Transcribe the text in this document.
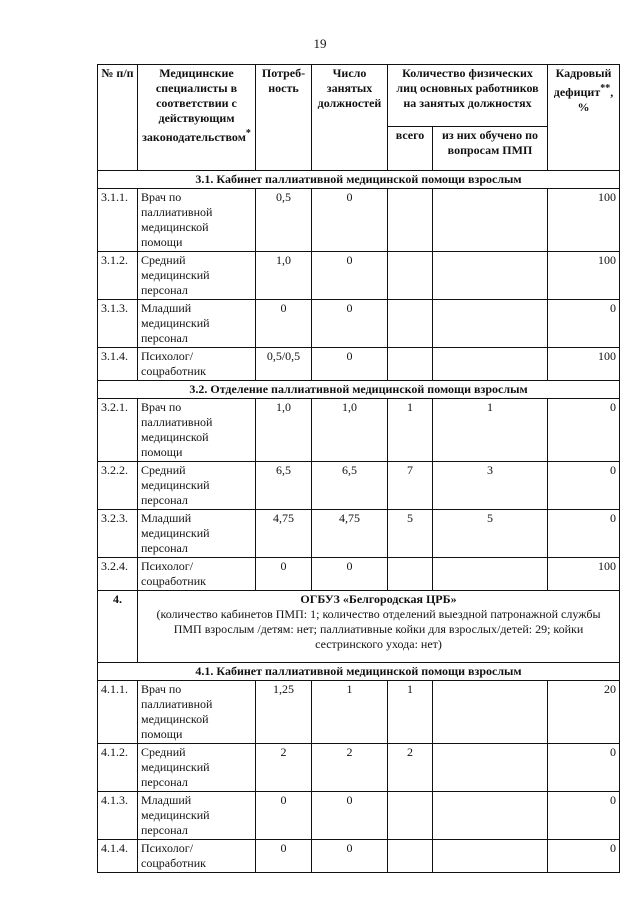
19
№ п/п	Медицинские специалисты в соответствии с действующим законодательством*	Потреб-ность	Число занятых должностей	Количество физических лиц основных работников на занятых должностях		Кадровый дефицит**, %
				всего	из них обучено по вопросам ПМП	
3.1. Кабинет паллиативной медицинской помощи взрослым						
3.1.1.	Врач по паллиативной медицинской помощи	0,5	0			100
3.1.2.	Средний медицинский персонал	1,0	0			100
3.1.3.	Младший медицинский персонал	0	0			0
3.1.4.	Психолог/ соцработник	0,5/0,5	0			100
3.2. Отделение паллиативной медицинской помощи взрослым						
3.2.1.	Врач по паллиативной медицинской помощи	1,0	1,0	1	1	0
3.2.2.	Средний медицинский персонал	6,5	6,5	7	3	0
3.2.3.	Младший медицинский персонал	4,75	4,75	5	5	0
3.2.4.	Психолог/ соцработник	0	0			100
4.	ОГБУЗ «Белгородская ЦРБ»
(количество кабинетов ПМП: 1; количество отделений выездной патронажной службы ПМП взрослым /детям: нет; паллиативные койки для взрослых/детей: 29; койки сестринского ухода: нет)					

4.1. Кабинет паллиативной медицинской помощи взрослым						
4.1.1.	Врач по паллиативной медицинской помощи	1,25	1	1		20
4.1.2.	Средний медицинский персонал	2	2	2		0
4.1.3.	Младший медицинский персонал	0	0			0
4.1.4.	Психолог/ соцработник	0	0			0
